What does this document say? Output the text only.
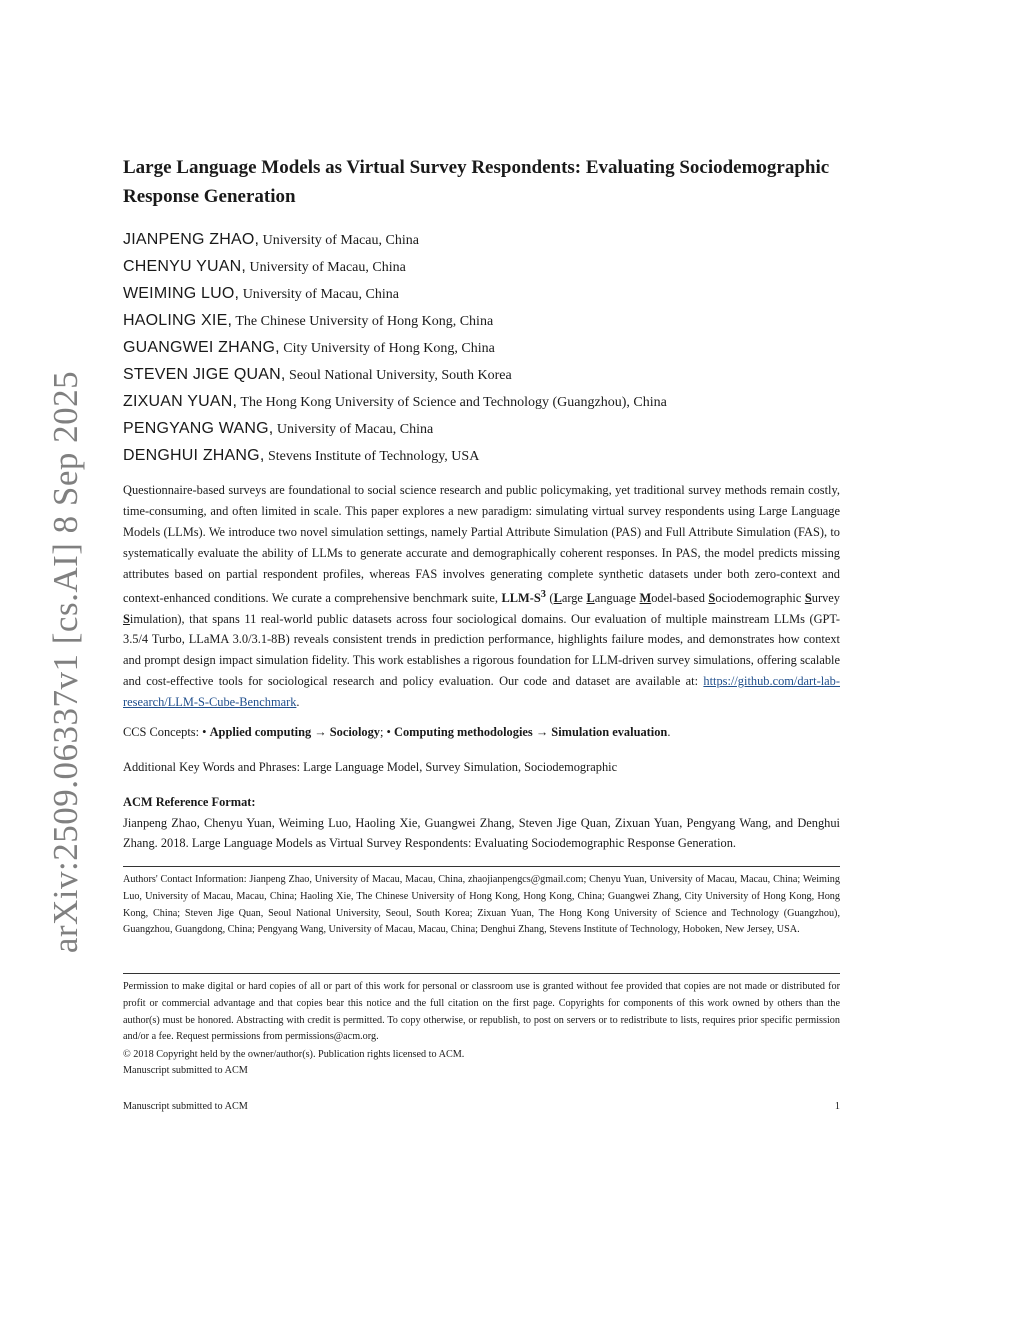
arXiv:2509.06337v1 [cs.AI] 8 Sep 2025
Large Language Models as Virtual Survey Respondents: Evaluating Sociodemographic Response Generation
JIANPENG ZHAO, University of Macau, China
CHENYU YUAN, University of Macau, China
WEIMING LUO, University of Macau, China
HAOLING XIE, The Chinese University of Hong Kong, China
GUANGWEI ZHANG, City University of Hong Kong, China
STEVEN JIGE QUAN, Seoul National University, South Korea
ZIXUAN YUAN, The Hong Kong University of Science and Technology (Guangzhou), China
PENGYANG WANG, University of Macau, China
DENGHUI ZHANG, Stevens Institute of Technology, USA
Questionnaire-based surveys are foundational to social science research and public policymaking, yet traditional survey methods remain costly, time-consuming, and often limited in scale. This paper explores a new paradigm: simulating virtual survey respondents using Large Language Models (LLMs). We introduce two novel simulation settings, namely Partial Attribute Simulation (PAS) and Full Attribute Simulation (FAS), to systematically evaluate the ability of LLMs to generate accurate and demographically coherent responses. In PAS, the model predicts missing attributes based on partial respondent profiles, whereas FAS involves generating complete synthetic datasets under both zero-context and context-enhanced conditions. We curate a comprehensive benchmark suite, LLM-$S^3$ (Large Language Model-based Sociodemographic Survey Simulation), that spans 11 real-world public datasets across four sociological domains. Our evaluation of multiple mainstream LLMs (GPT-3.5/4 Turbo, LLaMA 3.0/3.1-8B) reveals consistent trends in prediction performance, highlights failure modes, and demonstrates how context and prompt design impact simulation fidelity. This work establishes a rigorous foundation for LLM-driven survey simulations, offering scalable and cost-effective tools for sociological research and policy evaluation. Our code and dataset are available at: https://github.com/dart-lab-research/LLM-S-Cube-Benchmark.
CCS Concepts: • Applied computing → Sociology; • Computing methodologies → Simulation evaluation.
Additional Key Words and Phrases: Large Language Model, Survey Simulation, Sociodemographic
ACM Reference Format:
Jianpeng Zhao, Chenyu Yuan, Weiming Luo, Haoling Xie, Guangwei Zhang, Steven Jige Quan, Zixuan Yuan, Pengyang Wang, and Denghui Zhang. 2018. Large Language Models as Virtual Survey Respondents: Evaluating Sociodemographic Response Generation.
Authors' Contact Information: Jianpeng Zhao, University of Macau, Macau, China, zhaojianpengcs@gmail.com; Chenyu Yuan, University of Macau, Macau, China; Weiming Luo, University of Macau, Macau, China; Haoling Xie, The Chinese University of Hong Kong, Hong Kong, China; Guangwei Zhang, City University of Hong Kong, Hong Kong, China; Steven Jige Quan, Seoul National University, Seoul, South Korea; Zixuan Yuan, The Hong Kong University of Science and Technology (Guangzhou), Guangzhou, Guangdong, China; Pengyang Wang, University of Macau, Macau, China; Denghui Zhang, Stevens Institute of Technology, Hoboken, New Jersey, USA.
Permission to make digital or hard copies of all or part of this work for personal or classroom use is granted without fee provided that copies are not made or distributed for profit or commercial advantage and that copies bear this notice and the full citation on the first page. Copyrights for components of this work owned by others than the author(s) must be honored. Abstracting with credit is permitted. To copy otherwise, or republish, to post on servers or to redistribute to lists, requires prior specific permission and/or a fee. Request permissions from permissions@acm.org.
© 2018 Copyright held by the owner/author(s). Publication rights licensed to ACM.
Manuscript submitted to ACM
Manuscript submitted to ACM	1
